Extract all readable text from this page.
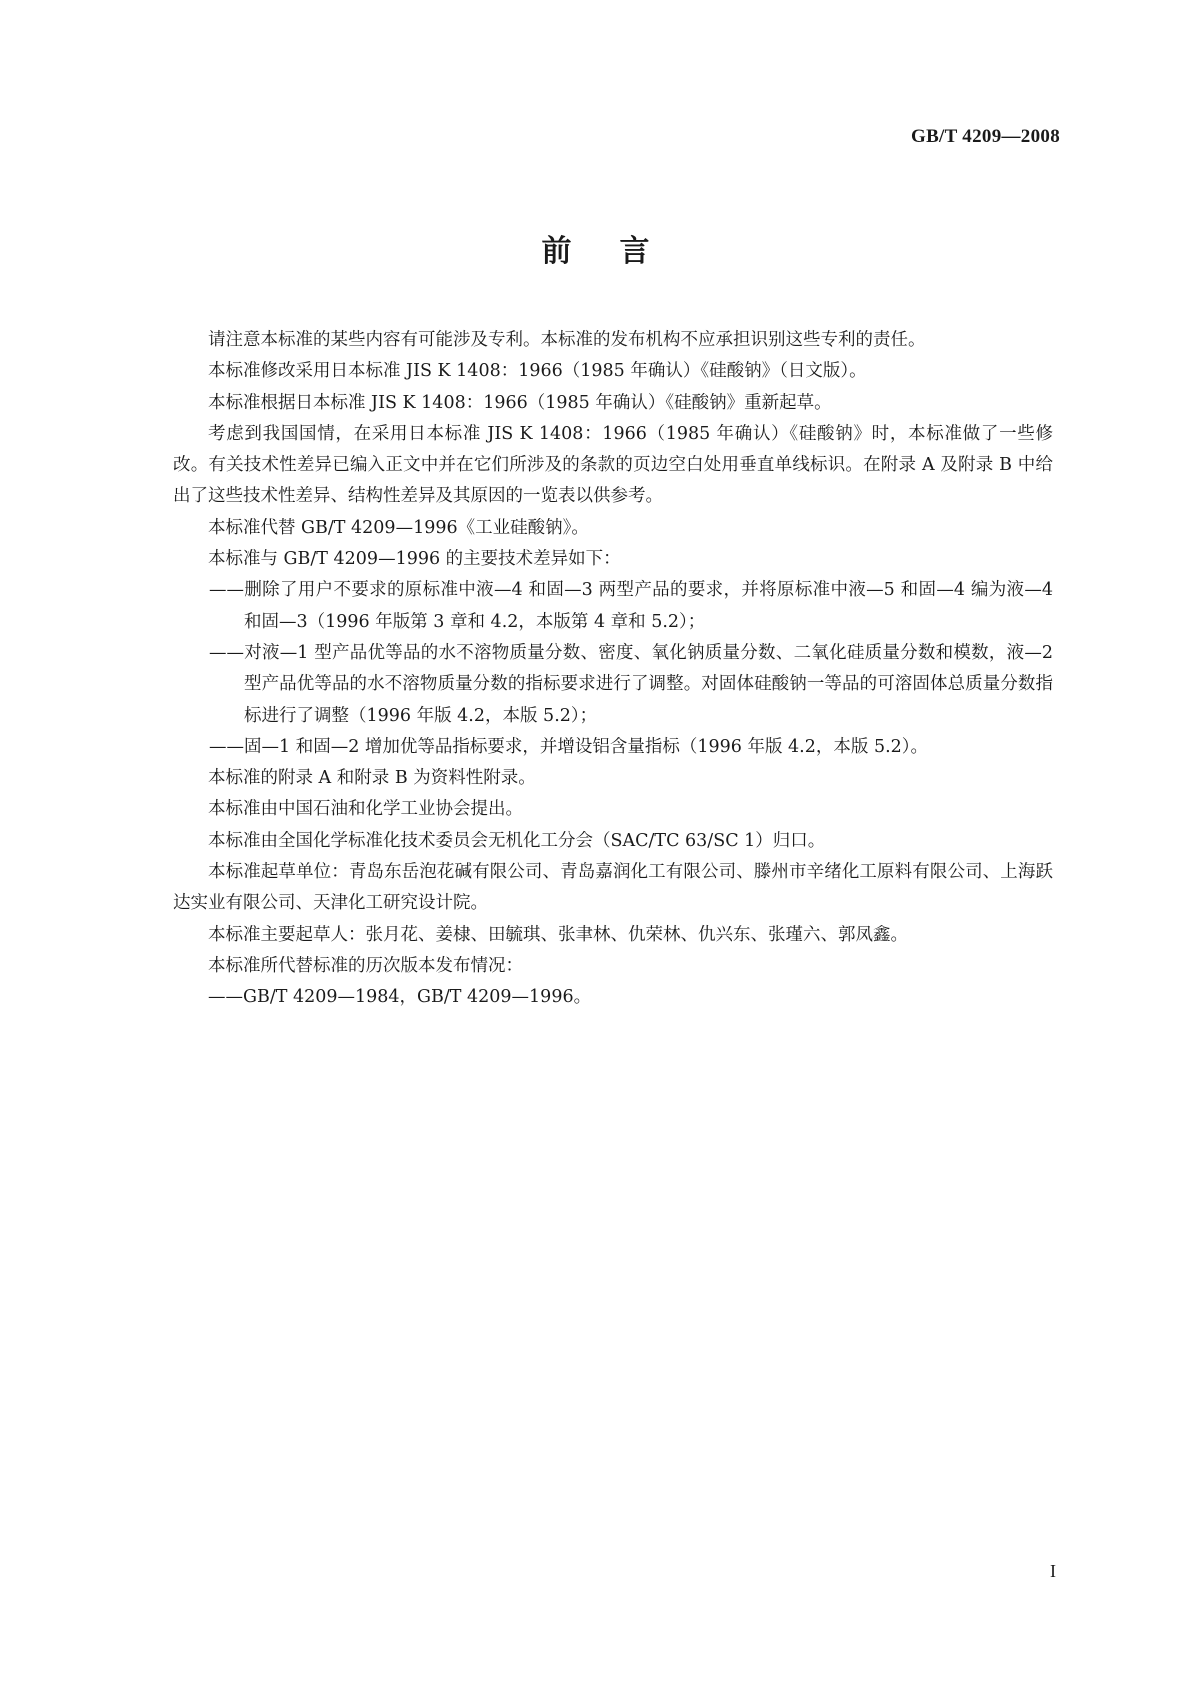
GB/T 4209—2008
前言

请注意本标准的某些内容有可能涉及专利。本标准的发布机构不应承担识别这些专利的责任。

本标准修改采用日本标准 JIS K 1408：1966（1985 年确认）《硅酸钠》（日文版）。

本标准根据日本标准 JIS K 1408：1966（1985 年确认）《硅酸钠》重新起草。

考虑到我国国情，在采用日本标准 JIS K 1408：1966（1985 年确认）《硅酸钠》时，本标准做了一些修改。有关技术性差异已编入正文中并在它们所涉及的条款的页边空白处用垂直单线标识。在附录 A 及附录 B 中给出了这些技术性差异、结构性差异及其原因的一览表以供参考。

本标准代替 GB/T 4209—1996《工业硅酸钠》。

本标准与 GB/T 4209—1996 的主要技术差异如下：

——删除了用户不要求的原标准中液—4 和固—3 两型产品的要求，并将原标准中液—5 和固—4 编为液—4 和固—3（1996 年版第 3 章和 4.2，本版第 4 章和 5.2）；

——对液—1 型产品优等品的水不溶物质量分数、密度、氧化钠质量分数、二氧化硅质量分数和模数，液—2 型产品优等品的水不溶物质量分数的指标要求进行了调整。对固体硅酸钠一等品的可溶固体总质量分数指标进行了调整（1996 年版 4.2，本版 5.2）；

——固—1 和固—2 增加优等品指标要求，并增设铝含量指标（1996 年版 4.2，本版 5.2）。

本标准的附录 A 和附录 B 为资料性附录。

本标准由中国石油和化学工业协会提出。

本标准由全国化学标准化技术委员会无机化工分会（SAC/TC 63/SC 1）归口。

本标准起草单位：青岛东岳泡花碱有限公司、青岛嘉润化工有限公司、滕州市辛绪化工原料有限公司、上海跃达实业有限公司、天津化工研究设计院。

本标准主要起草人：张月花、姜棣、田毓琪、张聿林、仇荣林、仇兴东、张瑾六、郭凤鑫。

本标准所代替标准的历次版本发布情况：

——GB/T 4209—1984，GB/T 4209—1996。

I
